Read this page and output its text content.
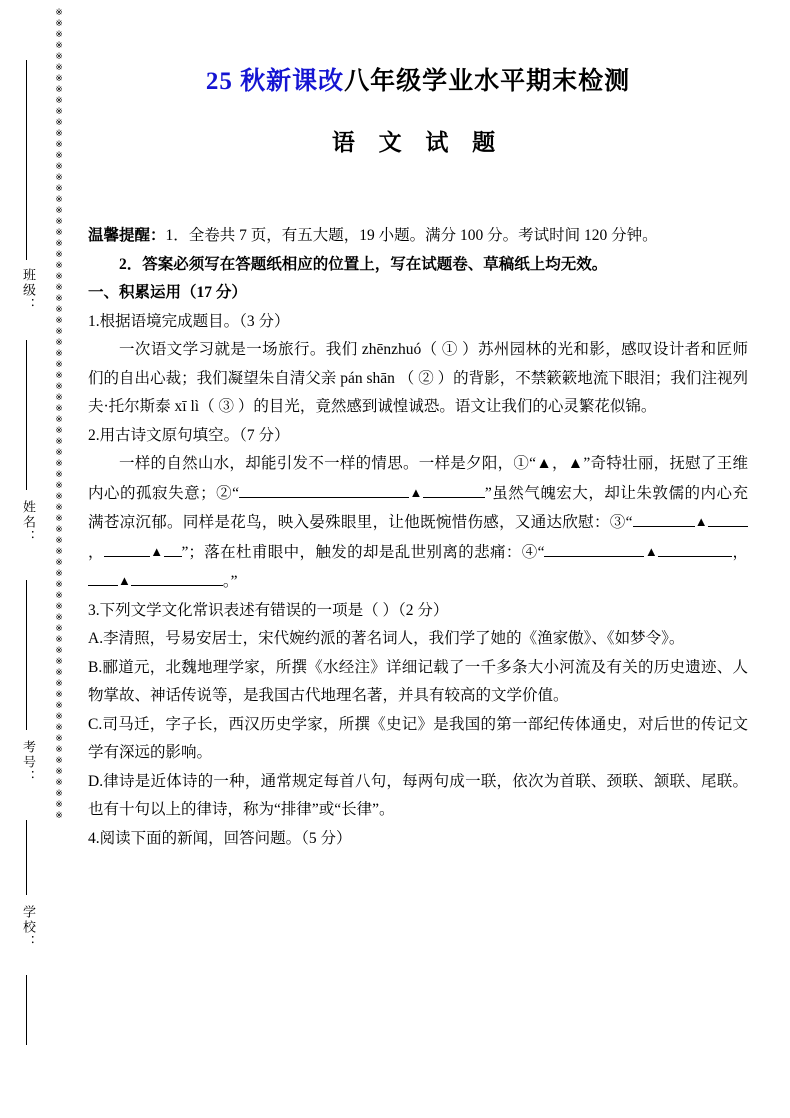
班级：
姓名：
考号：
学校：
※
※
※
※
※
※
※
※
※
※
※
※
※
※
※
※
※
※
※
※
※
※
※
※
※
※
※
※
※
※
※
※
※
※
※
※
※
※
※
※
※
※
※
※
※
※
※
※
※
※
※
※
※
※
※
※
※
※
※
※
※
※
※
※
※
※
※
※
※
※
※
※
※
※
25 秋新课改八年级学业水平期末检测
语 文 试 题

温馨提醒：1．全卷共 7 页，有五大题，19 小题。满分 100 分。考试时间 120 分钟。

2．答案必须写在答题纸相应的位置上，写在试题卷、草稿纸上均无效。

一、积累运用（17 分）

1.根据语境完成题目。（3 分）

一次语文学习就是一场旅行。我们 zhēnzhuó（ ① ）苏州园林的光和影，感叹设计者和匠师们的自出心裁；我们凝望朱自清父亲 pán shān （ ② ）的背影，不禁簌簌地流下眼泪；我们注视列夫·托尔斯泰 xī lì（ ③ ）的目光，竟然感到诚惶诚恐。语文让我们的心灵繁花似锦。

2.用古诗文原句填空。（7 分）

一样的自然山水，却能引发不一样的情思。一样是夕阳，①“▲，▲”奇特壮丽，抚慰了王维内心的孤寂失意；②“	▲	”虽然气魄宏大，却让朱敦儒的内心充满苍凉沉郁。同样是花鸟，映入晏殊眼里，让他既惋惜伤感，又通达欣慰：③“	▲，	▲ ”；落在杜甫眼中，触发的却是乱世别离的悲痛：④“	▲	，▲	。”

3.下列文学文化常识表述有错误的一项是（ ）（2 分）

A.李清照，号易安居士，宋代婉约派的著名词人，我们学了她的《渔家傲》、《如梦令》。

B.郦道元，北魏地理学家，所撰《水经注》详细记载了一千多条大小河流及有关的历史遗迹、人物掌故、神话传说等，是我国古代地理名著，并具有较高的文学价值。

C.司马迁，字子长，西汉历史学家，所撰《史记》是我国的第一部纪传体通史，对后世的传记文学有深远的影响。

D.律诗是近体诗的一种，通常规定每首八句，每两句成一联，依次为首联、颈联、颔联、尾联。也有十句以上的律诗，称为“排律”或“长律”。

4.阅读下面的新闻，回答问题。（5 分）
